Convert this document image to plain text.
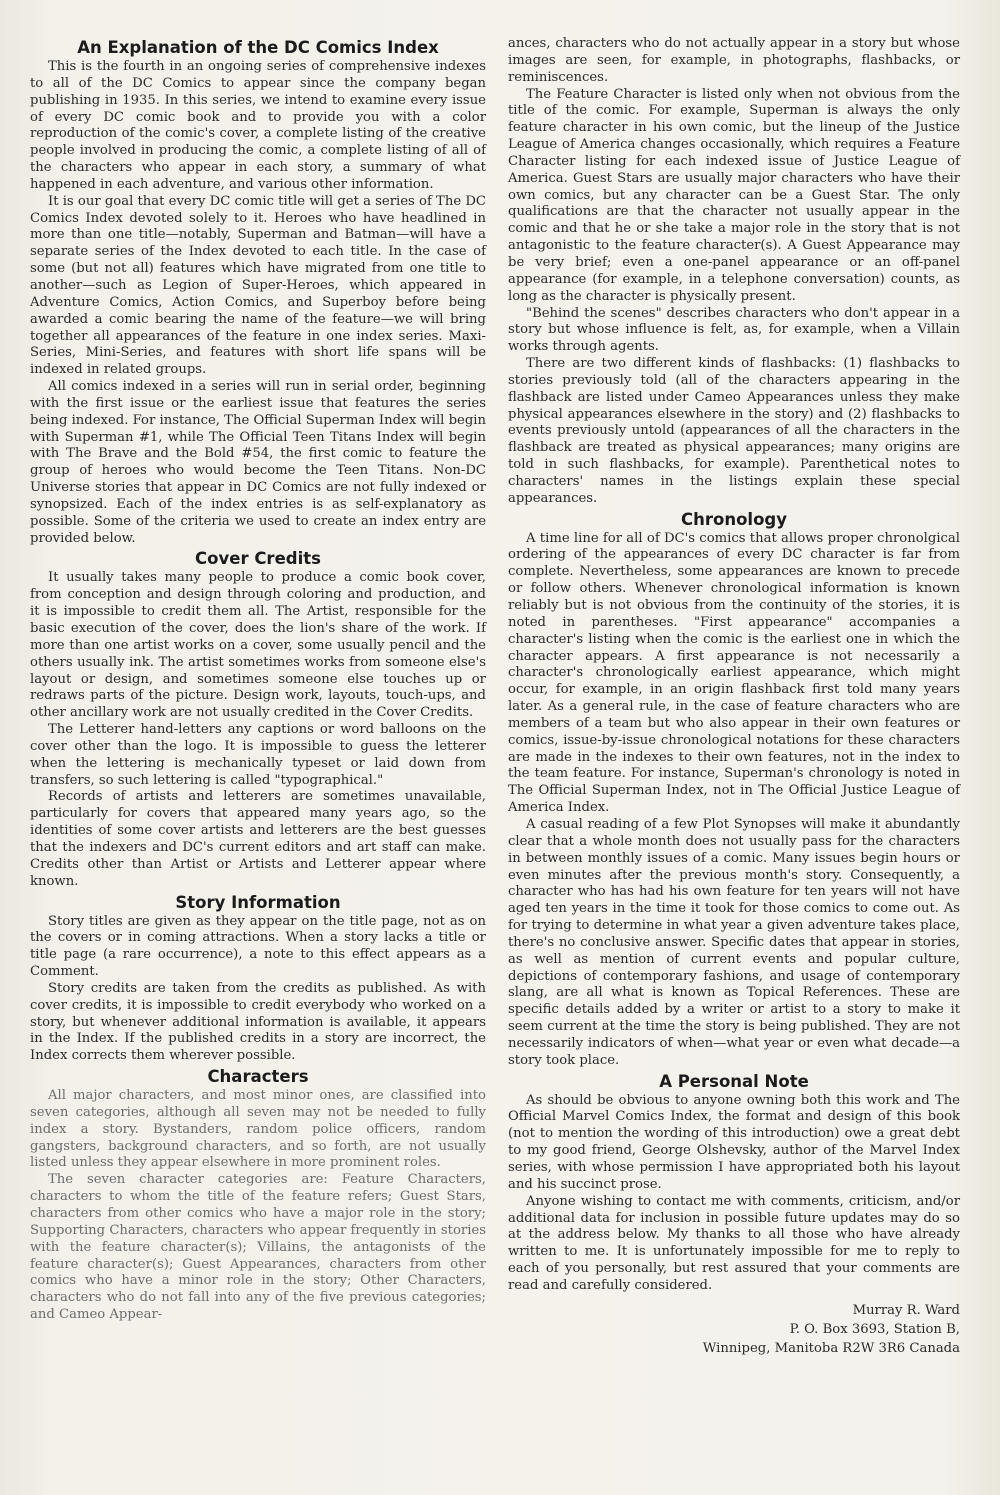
An Explanation of the DC Comics Index

This is the fourth in an ongoing series of comprehensive indexes to all of the DC Comics to appear since the company began publishing in 1935. In this series, we intend to examine every issue of every DC comic book and to provide you with a color reproduction of the comic's cover, a complete listing of the creative people involved in producing the comic, a complete listing of all of the characters who appear in each story, a summary of what happened in each adventure, and various other information.

It is our goal that every DC comic title will get a series of The DC Comics Index devoted solely to it. Heroes who have headlined in more than one title—notably, Superman and Batman—will have a separate series of the Index devoted to each title. In the case of some (but not all) features which have migrated from one title to another—such as Legion of Super-Heroes, which appeared in Adventure Comics, Action Comics, and Superboy before being awarded a comic bearing the name of the feature—we will bring together all appearances of the feature in one index series. Maxi-Series, Mini-Series, and features with short life spans will be indexed in related groups.

All comics indexed in a series will run in serial order, beginning with the first issue or the earliest issue that features the series being indexed. For instance, The Official Superman Index will begin with Superman #1, while The Official Teen Titans Index will begin with The Brave and the Bold #54, the first comic to feature the group of heroes who would become the Teen Titans. Non-DC Universe stories that appear in DC Comics are not fully indexed or synopsized. Each of the index entries is as self-explanatory as possible. Some of the criteria we used to create an index entry are provided below.

Cover Credits

It usually takes many people to produce a comic book cover, from conception and design through coloring and production, and it is impossible to credit them all. The Artist, responsible for the basic execution of the cover, does the lion's share of the work. If more than one artist works on a cover, some usually pencil and the others usually ink. The artist sometimes works from someone else's layout or design, and sometimes someone else touches up or redraws parts of the picture. Design work, layouts, touch-ups, and other ancillary work are not usually credited in the Cover Credits.

The Letterer hand-letters any captions or word balloons on the cover other than the logo. It is impossible to guess the letterer when the lettering is mechanically typeset or laid down from transfers, so such lettering is called "typographical."

Records of artists and letterers are sometimes unavailable, particularly for covers that appeared many years ago, so the identities of some cover artists and letterers are the best guesses that the indexers and DC's current editors and art staff can make. Credits other than Artist or Artists and Letterer appear where known.

Story Information

Story titles are given as they appear on the title page, not as on the covers or in coming attractions. When a story lacks a title or title page (a rare occurrence), a note to this effect appears as a Comment.

Story credits are taken from the credits as published. As with cover credits, it is impossible to credit everybody who worked on a story, but whenever additional information is available, it appears in the Index. If the published credits in a story are incorrect, the Index corrects them wherever possible.

Characters

All major characters, and most minor ones, are classified into seven categories, although all seven may not be needed to fully index a story. Bystanders, random police officers, random gangsters, background characters, and so forth, are not usually listed unless they appear elsewhere in more prominent roles.

The seven character categories are: Feature Characters, characters to whom the title of the feature refers; Guest Stars, characters from other comics who have a major role in the story; Supporting Characters, characters who appear frequently in stories with the feature character(s); Villains, the antagonists of the feature character(s); Guest Appearances, characters from other comics who have a minor role in the story; Other Characters, characters who do not fall into any of the five previous categories; and Cameo Appear-

ances, characters who do not actually appear in a story but whose images are seen, for example, in photographs, flashbacks, or reminiscences.

The Feature Character is listed only when not obvious from the title of the comic. For example, Superman is always the only feature character in his own comic, but the lineup of the Justice League of America changes occasionally, which requires a Feature Character listing for each indexed issue of Justice League of America. Guest Stars are usually major characters who have their own comics, but any character can be a Guest Star. The only qualifications are that the character not usually appear in the comic and that he or she take a major role in the story that is not antagonistic to the feature character(s). A Guest Appearance may be very brief; even a one-panel appearance or an off-panel appearance (for example, in a telephone conversation) counts, as long as the character is physically present.

"Behind the scenes" describes characters who don't appear in a story but whose influence is felt, as, for example, when a Villain works through agents.

There are two different kinds of flashbacks: (1) flashbacks to stories previously told (all of the characters appearing in the flashback are listed under Cameo Appearances unless they make physical appearances elsewhere in the story) and (2) flashbacks to events previously untold (appearances of all the characters in the flashback are treated as physical appearances; many origins are told in such flashbacks, for example). Parenthetical notes to characters' names in the listings explain these special appearances.

Chronology

A time line for all of DC's comics that allows proper chronolgical ordering of the appearances of every DC character is far from complete. Nevertheless, some appearances are known to precede or follow others. Whenever chronological information is known reliably but is not obvious from the continuity of the stories, it is noted in parentheses. "First appearance" accompanies a character's listing when the comic is the earliest one in which the character appears. A first appearance is not necessarily a character's chronologically earliest appearance, which might occur, for example, in an origin flashback first told many years later. As a general rule, in the case of feature characters who are members of a team but who also appear in their own features or comics, issue-by-issue chronological notations for these characters are made in the indexes to their own features, not in the index to the team feature. For instance, Superman's chronology is noted in The Official Superman Index, not in The Official Justice League of America Index.

A casual reading of a few Plot Synopses will make it abundantly clear that a whole month does not usually pass for the characters in between monthly issues of a comic. Many issues begin hours or even minutes after the previous month's story. Consequently, a character who has had his own feature for ten years will not have aged ten years in the time it took for those comics to come out. As for trying to determine in what year a given adventure takes place, there's no conclusive answer. Specific dates that appear in stories, as well as mention of current events and popular culture, depictions of contemporary fashions, and usage of contemporary slang, are all what is known as Topical References. These are specific details added by a writer or artist to a story to make it seem current at the time the story is being published. They are not necessarily indicators of when—what year or even what decade—a story took place.

A Personal Note

As should be obvious to anyone owning both this work and The Official Marvel Comics Index, the format and design of this book (not to mention the wording of this introduction) owe a great debt to my good friend, George Olshevsky, author of the Marvel Index series, with whose permission I have appropriated both his layout and his succinct prose.

Anyone wishing to contact me with comments, criticism, and/or additional data for inclusion in possible future updates may do so at the address below. My thanks to all those who have already written to me. It is unfortunately impossible for me to reply to each of you personally, but rest assured that your comments are read and carefully considered.

Murray R. Ward
P. O. Box 3693, Station B,
Winnipeg, Manitoba R2W 3R6 Canada
